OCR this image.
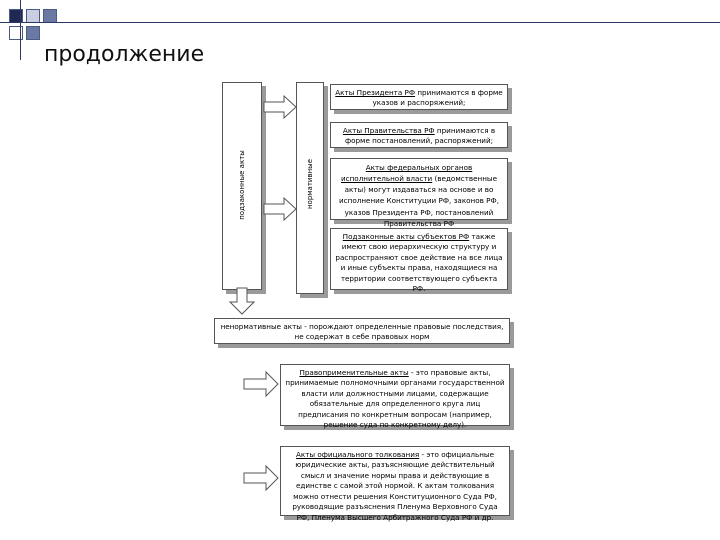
продолжение
подзаконные акты	нормативные
Акты Президента РФ принимаются в форме указов и распоряжений;
Акты Правительства РФ принимаются в форме постановлений, распоряжений;
Акты федеральных органов исполнительной власти (ведомственные акты) могут издаваться на основе и во исполнение Конституции РФ, законов РФ, указов Президента РФ, постановлений Правительства РФ
Подзаконные акты субъектов РФ также имеют свою иерархическую структуру и распространяют свое действие на все лица и иные субъекты права, находящиеся на территории соответствующего субъекта РФ.
ненормативные акты - порождают определенные правовые последствия, не содержат в себе правовых норм
Правоприменительные акты - это правовые акты, принимаемые полномочными органами государственной власти или должностными лицами, содержащие обязательные для определенного круга лиц предписания по конкретным вопросам (например, решение суда по конкретному делу).
Акты официального толкования - это официальные юридические акты, разъясняющие действительный смысл и значение нормы права и действующие в единстве с самой этой нормой. К актам толкования можно отнести решения Конституционного Суда РФ, руководящие разъяснения Пленума Верховного Суда РФ, Пленума Высшего Арбитражного Суда РФ и др.
